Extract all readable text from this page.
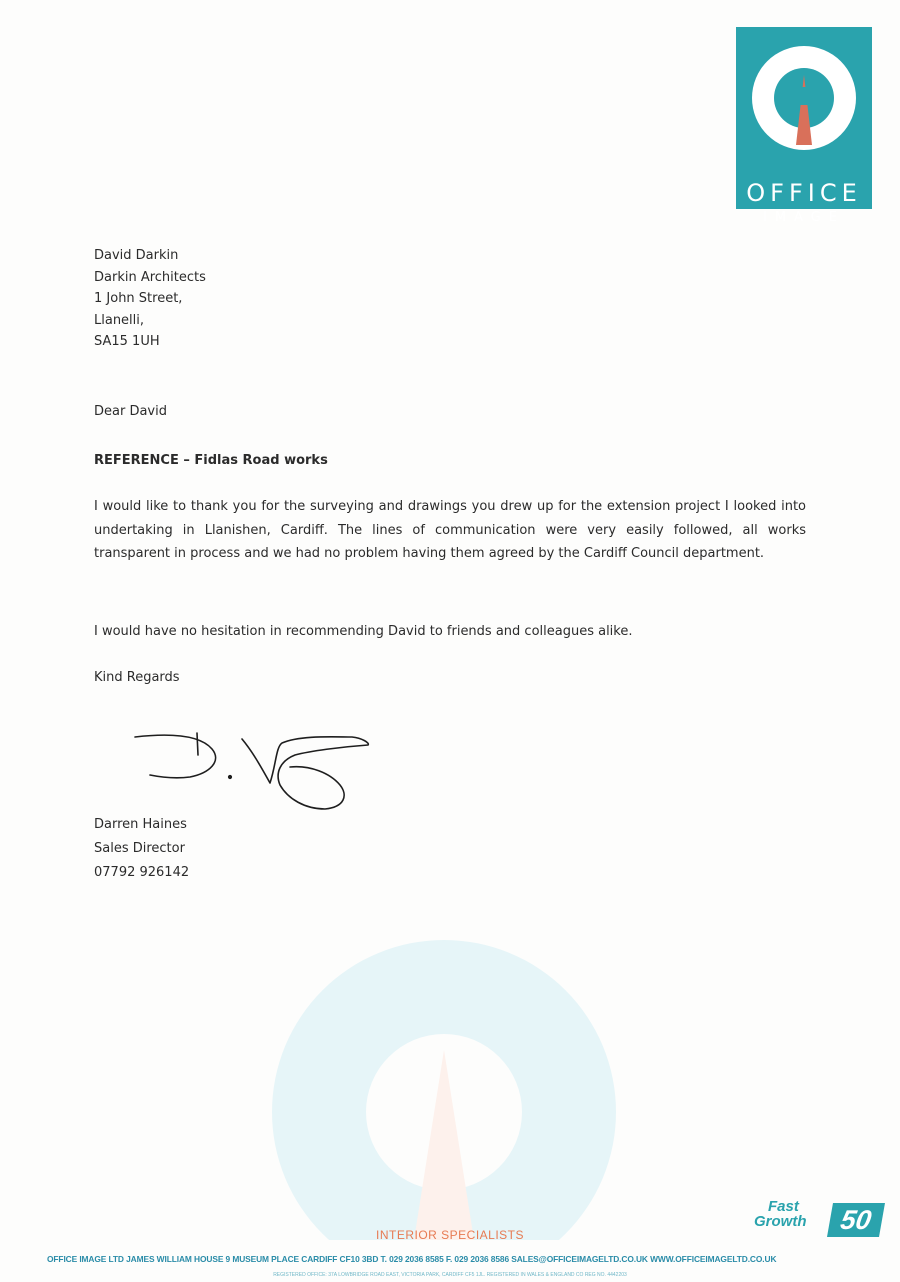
OFFICE
IMAGE
David Darkin
Darkin Architects
1 John Street,
Llanelli,
SA15 1UH
Dear David
REFERENCE – Fidlas Road works
I would like to thank you for the surveying and drawings you drew up for the extension project I looked into undertaking in Llanishen, Cardiff. The lines of communication were very easily followed, all works transparent in process and we had no problem having them agreed by the Cardiff Council department.
I would have no hesitation in recommending David to friends and colleagues alike.
Kind Regards
Darren Haines
Sales Director
07792 926142
INTERIOR SPECIALISTS
Fast
Growth	50
OFFICE IMAGE LTD JAMES WILLIAM HOUSE 9 MUSEUM PLACE CARDIFF CF10 3BD T. 029 2036 8585 F. 029 2036 8586 SALES@OFFICEIMAGELTD.CO.UK WWW.OFFICEIMAGELTD.CO.UK
REGISTERED OFFICE: 37A LOWBRIDGE ROAD EAST, VICTORIA PARK, CARDIFF CF5 1JL. REGISTERED IN WALES & ENGLAND CO REG NO. 4442203
